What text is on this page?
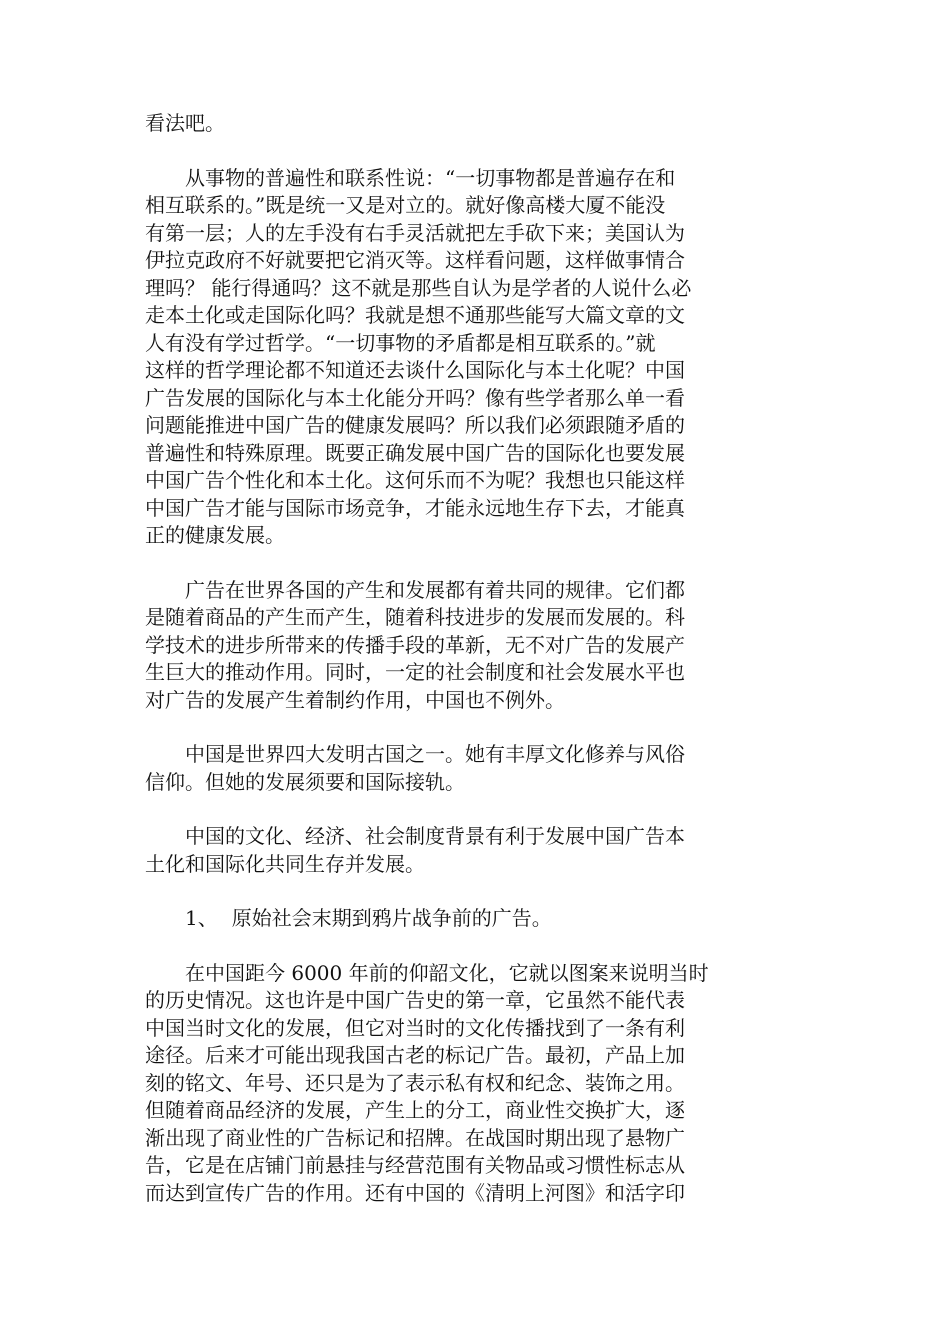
看法吧。

从事物的普遍性和联系性说：“一切事物都是普遍存在和
相互联系的。”既是统一又是对立的。就好像高楼大厦不能没
有第一层；人的左手没有右手灵活就把左手砍下来；美国认为
伊拉克政府不好就要把它消灭等。这样看问题，这样做事情合
理吗？ 能行得通吗？这不就是那些自认为是学者的人说什么必
走本土化或走国际化吗？我就是想不通那些能写大篇文章的文
人有没有学过哲学。“一切事物的矛盾都是相互联系的。”就
这样的哲学理论都不知道还去谈什么国际化与本土化呢？中国
广告发展的国际化与本土化能分开吗？像有些学者那么单一看
问题能推进中国广告的健康发展吗？所以我们必须跟随矛盾的
普遍性和特殊原理。既要正确发展中国广告的国际化也要发展
中国广告个性化和本土化。这何乐而不为呢？我想也只能这样
中国广告才能与国际市场竞争，才能永远地生存下去，才能真
正的健康发展。

广告在世界各国的产生和发展都有着共同的规律。它们都
是随着商品的产生而产生，随着科技进步的发展而发展的。科
学技术的进步所带来的传播手段的革新，无不对广告的发展产
生巨大的推动作用。同时，一定的社会制度和社会发展水平也
对广告的发展产生着制约作用，中国也不例外。

中国是世界四大发明古国之一。她有丰厚文化修养与风俗
信仰。但她的发展须要和国际接轨。

中国的文化、经济、社会制度背景有利于发展中国广告本
土化和国际化共同生存并发展。

1、 原始社会末期到鸦片战争前的广告。

在中国距今 6000 年前的仰韶文化，它就以图案来说明当时
的历史情况。这也许是中国广告史的第一章，它虽然不能代表
中国当时文化的发展，但它对当时的文化传播找到了一条有利
途径。后来才可能出现我国古老的标记广告。最初，产品上加
刻的铭文、年号、还只是为了表示私有权和纪念、装饰之用。
但随着商品经济的发展，产生上的分工，商业性交换扩大，逐
渐出现了商业性的广告标记和招牌。在战国时期出现了悬物广
告，它是在店铺门前悬挂与经营范围有关物品或习惯性标志从
而达到宣传广告的作用。还有中国的《清明上河图》和活字印
